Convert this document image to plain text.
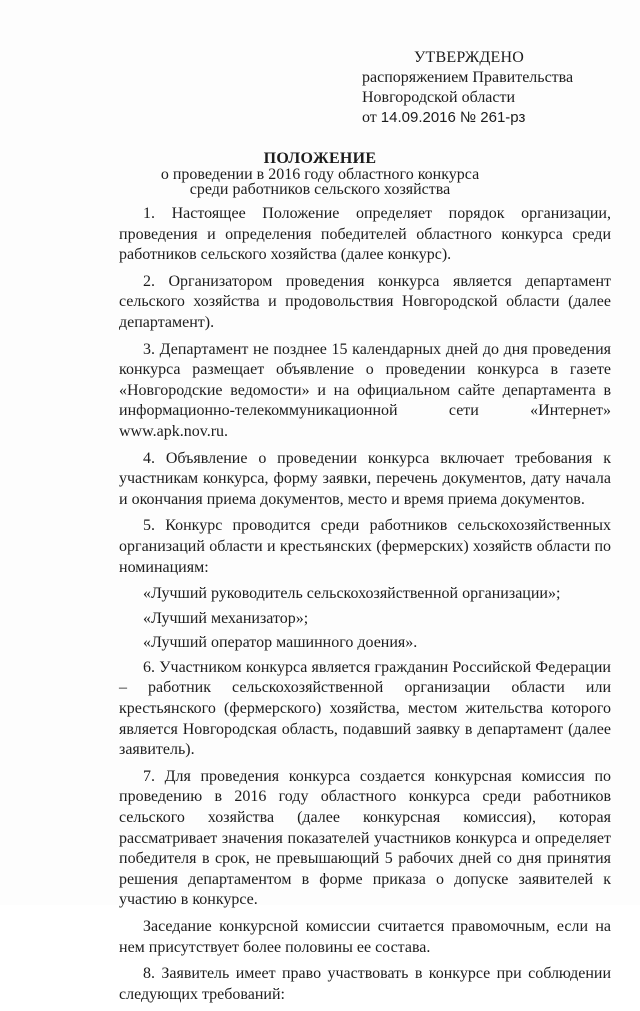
УТВЕРЖДЕНО
распоряжением Правительства
Новгородской области
от 14.09.2016 № 261-рз
ПОЛОЖЕНИЕ
о проведении в 2016 году областного конкурса среди работников сельского хозяйства

1. Настоящее Положение определяет порядок организации, проведения и определения победителей областного конкурса среди работников сельского хозяйства (далее конкурс).

2. Организатором проведения конкурса является департамент сельского хозяйства и продовольствия Новгородской области (далее департамент).

3. Департамент не позднее 15 календарных дней до дня проведения конкурса размещает объявление о проведении конкурса в газете «Новгородские ведомости» и на официальном сайте департамента в информационно-телекоммуникационной сети «Интернет» www.apk.nov.ru.

4. Объявление о проведении конкурса включает требования к участникам конкурса, форму заявки, перечень документов, дату начала и окончания приема документов, место и время приема документов.

5. Конкурс проводится среди работников сельскохозяйственных организаций области и крестьянских (фермерских) хозяйств области по номинациям:

«Лучший руководитель сельскохозяйственной организации»;

«Лучший механизатор»;

«Лучший оператор машинного доения».

6. Участником конкурса является гражданин Российской Федерации – работник сельскохозяйственной организации области или крестьянского (фермерского) хозяйства, местом жительства которого является Новгородская область, подавший заявку в департамент (далее заявитель).

7. Для проведения конкурса создается конкурсная комиссия по проведению в 2016 году областного конкурса среди работников сельского хозяйства (далее конкурсная комиссия), которая рассматривает значения показателей участников конкурса и определяет победителя в срок, не превышающий 5 рабочих дней со дня принятия решения департаментом в форме приказа о допуске заявителей к участию в конкурсе.

Заседание конкурсной комиссии считается правомочным, если на нем присутствует более половины ее состава.

8. Заявитель имеет право участвовать в конкурсе при соблюдении следующих требований:
